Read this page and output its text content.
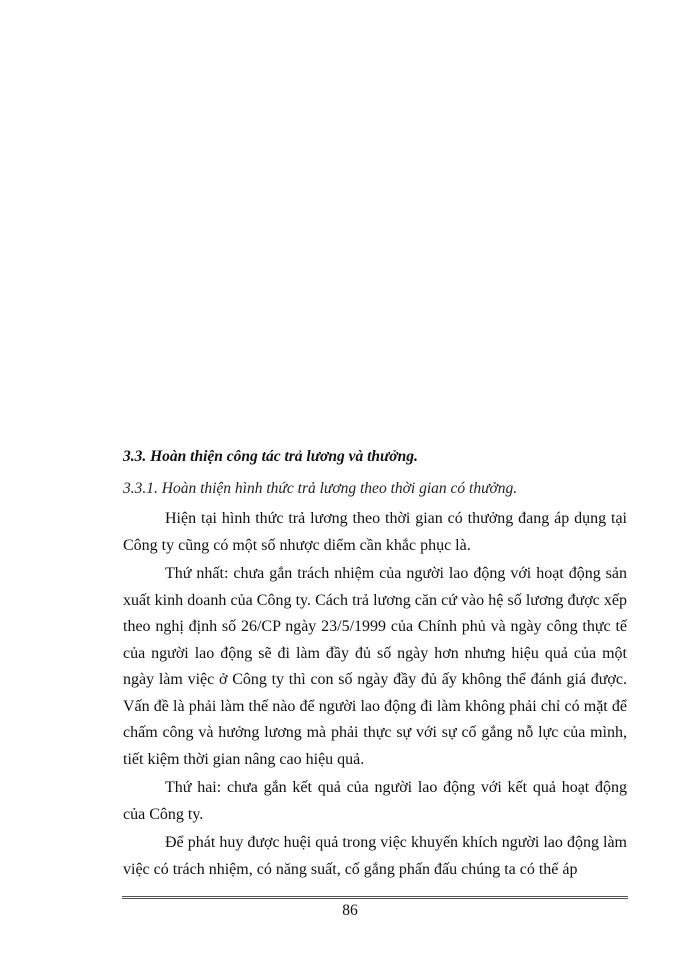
3.3. Hoàn thiện công tác trả lương và thưởng.
3.3.1. Hoàn thiện hình thức trả lương theo thời gian có thưởng.

Hiện tại hình thức trả lương theo thời gian có thưởng đang áp dụng tại Công ty cũng có một số nhược diểm cần khắc phục là.

Thứ nhất: chưa gắn trách nhiệm của người lao động với hoạt động sản xuất kinh doanh của Công ty. Cách trả lương căn cứ vào hệ số lương được xếp theo nghị định số 26/CP ngày 23/5/1999 của Chính phủ và ngày công thực tế của người lao động sẽ đi làm đầy đủ số ngày hơn nhưng hiệu quả của một ngày làm việc ở Công ty thì con số ngày đầy đủ ấy không thể đánh giá được. Vấn đề là phải làm thế nào để người lao động đi làm không phải chỉ có mặt để chấm công và hưởng lương mà phải thực sự với sự cố gắng nỗ lực của mình, tiết kiệm thời gian nâng cao hiệu quả.

Thứ hai: chưa gắn kết quả của người lao động với kết quả hoạt động của Công ty.

Để phát huy được huệi quả trong việc khuyến khích người lao động làm việc có trách nhiệm, có năng suất, cố gắng phấn đấu chúng ta có thể áp

86
